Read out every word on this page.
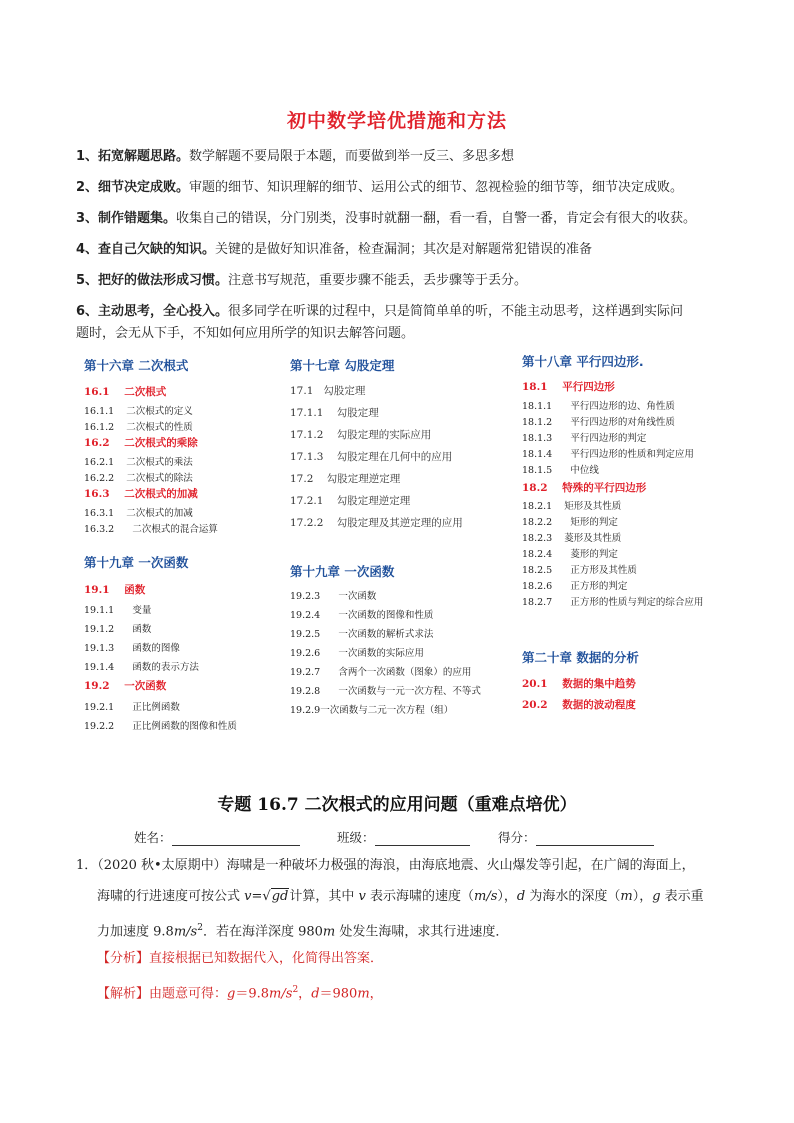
初中数学培优措施和方法
1、拓宽解题思路。数学解题不要局限于本题，而要做到举一反三、多思多想
2、细节决定成败。审题的细节、知识理解的细节、运用公式的细节、忽视检验的细节等，细节决定成败。
3、制作错题集。收集自己的错误，分门别类，没事时就翻一翻，看一看，自警一番，肯定会有很大的收获。
4、查自己欠缺的知识。关键的是做好知识准备，检查漏洞；其次是对解题常犯错误的准备
5、把好的做法形成习惯。注意书写规范，重要步骤不能丢，丢步骤等于丢分。
6、主动思考，全心投入。很多同学在听课的过程中，只是简简单单的听，不能主动思考，这样遇到实际问
题时，会无从下手，不知如何应用所学的知识去解答问题。
第十六章 二次根式
16.1    二次根式
16.1.1    二次根式的定义
16.1.2    二次根式的性质
16.2    二次根式的乘除
16.2.1    二次根式的乘法
16.2.2    二次根式的除法
16.3    二次根式的加减
16.3.1    二次根式的加减
16.3.2      二次根式的混合运算
第十九章 一次函数
19.1    函数
19.1.1      变量
19.1.2      函数
19.1.3      函数的图像
19.1.4      函数的表示方法
19.2    一次函数
19.2.1      正比例函数
19.2.2      正比例函数的图像和性质
第十七章 勾股定理
17.1   勾股定理
17.1.1    勾股定理
17.1.2    勾股定理的实际应用
17.1.3    勾股定理在几何中的应用
17.2    勾股定理逆定理
17.2.1    勾股定理逆定理
17.2.2    勾股定理及其逆定理的应用
第十九章 一次函数
19.2.3      一次函数
19.2.4      一次函数的图像和性质
19.2.5      一次函数的解析式求法
19.2.6      一次函数的实际应用
19.2.7      含两个一次函数（图象）的应用
19.2.8      一次函数与一元一次方程、不等式
19.2.9一次函数与二元一次方程（组）
第十八章 平行四边形.
18.1    平行四边形
18.1.1      平行四边形的边、角性质
18.1.2      平行四边形的对角线性质
18.1.3      平行四边形的判定
18.1.4      平行四边形的性质和判定应用
18.1.5      中位线
18.2    特殊的平行四边形
18.2.1    矩形及其性质
18.2.2      矩形的判定
18.2.3    菱形及其性质
18.2.4      菱形的判定
18.2.5      正方形及其性质
18.2.6      正方形的判定
18.2.7      正方形的性质与判定的综合应用
第二十章 数据的分析
20.1    数据的集中趋势
20.2    数据的波动程度
专题 16.7 二次根式的应用问题（重难点培优）
姓名：	班级：	得分：
1．（2020 秋•太原期中）海啸是一种破坏力极强的海浪，由海底地震、火山爆发等引起，在广阔的海面上，
海啸的行进速度可按公式 v=√gd计算，其中 v 表示海啸的速度（m/s），d 为海水的深度（m），g 表示重
力加速度 $9.8m/s^2$．若在海洋深度 980m 处发生海啸，求其行进速度．
【分析】直接根据已知数据代入，化简得出答案．
【解析】由题意可得：$g=9.8m/s^2$，d＝980m，
